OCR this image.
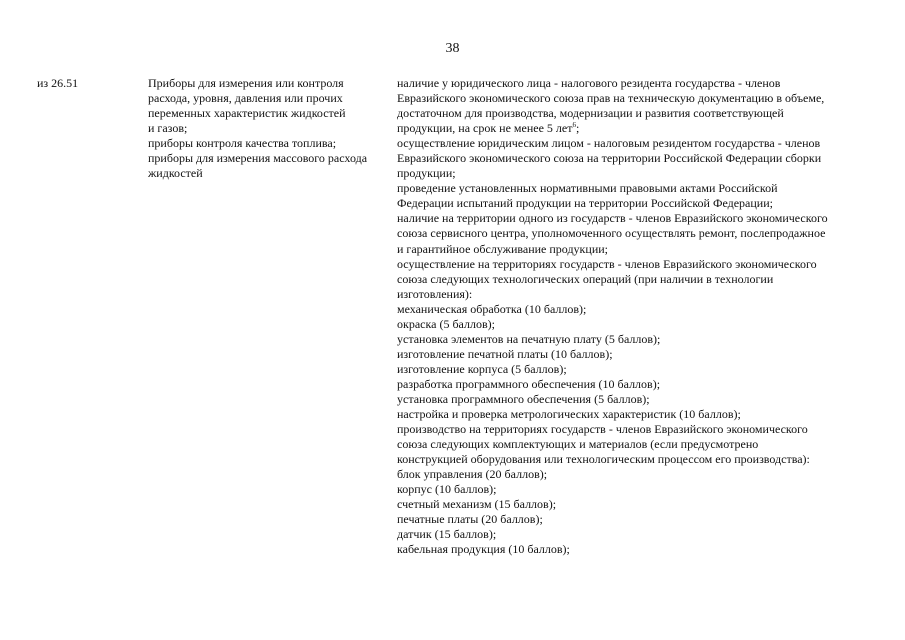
38
из 26.51	Приборы для измерения или контроля
расхода, уровня, давления или прочих
переменных характеристик жидкостей
и газов;
приборы контроля качества топлива;
приборы для измерения массового расхода
жидкостей
наличие у юридического лица - налогового резидента государства - членов
Евразийского экономического союза прав на техническую документацию в объеме,
достаточном для производства, модернизации и развития соответствующей
продукции, на срок не менее 5 лет$^6$;
осуществление юридическим лицом - налоговым резидентом государства - членов
Евразийского экономического союза на территории Российской Федерации сборки
продукции;
проведение установленных нормативными правовыми актами Российской
Федерации испытаний продукции на территории Российской Федерации;
наличие на территории одного из государств - членов Евразийского экономического
союза сервисного центра, уполномоченного осуществлять ремонт, послепродажное
и гарантийное обслуживание продукции;
осуществление на территориях государств - членов Евразийского экономического
союза следующих технологических операций (при наличии в технологии
изготовления):
механическая обработка (10 баллов);
окраска (5 баллов);
установка элементов на печатную плату (5 баллов);
изготовление печатной платы (10 баллов);
изготовление корпуса (5 баллов);
разработка программного обеспечения (10 баллов);
установка программного обеспечения (5 баллов);
настройка и проверка метрологических характеристик (10 баллов);
производство на территориях государств - членов Евразийского экономического
союза следующих комплектующих и материалов (если предусмотрено
конструкцией оборудования или технологическим процессом его производства):
блок управления (20 баллов);
корпус (10 баллов);
счетный механизм (15 баллов);
печатные платы (20 баллов);
датчик (15 баллов);
кабельная продукция (10 баллов);
